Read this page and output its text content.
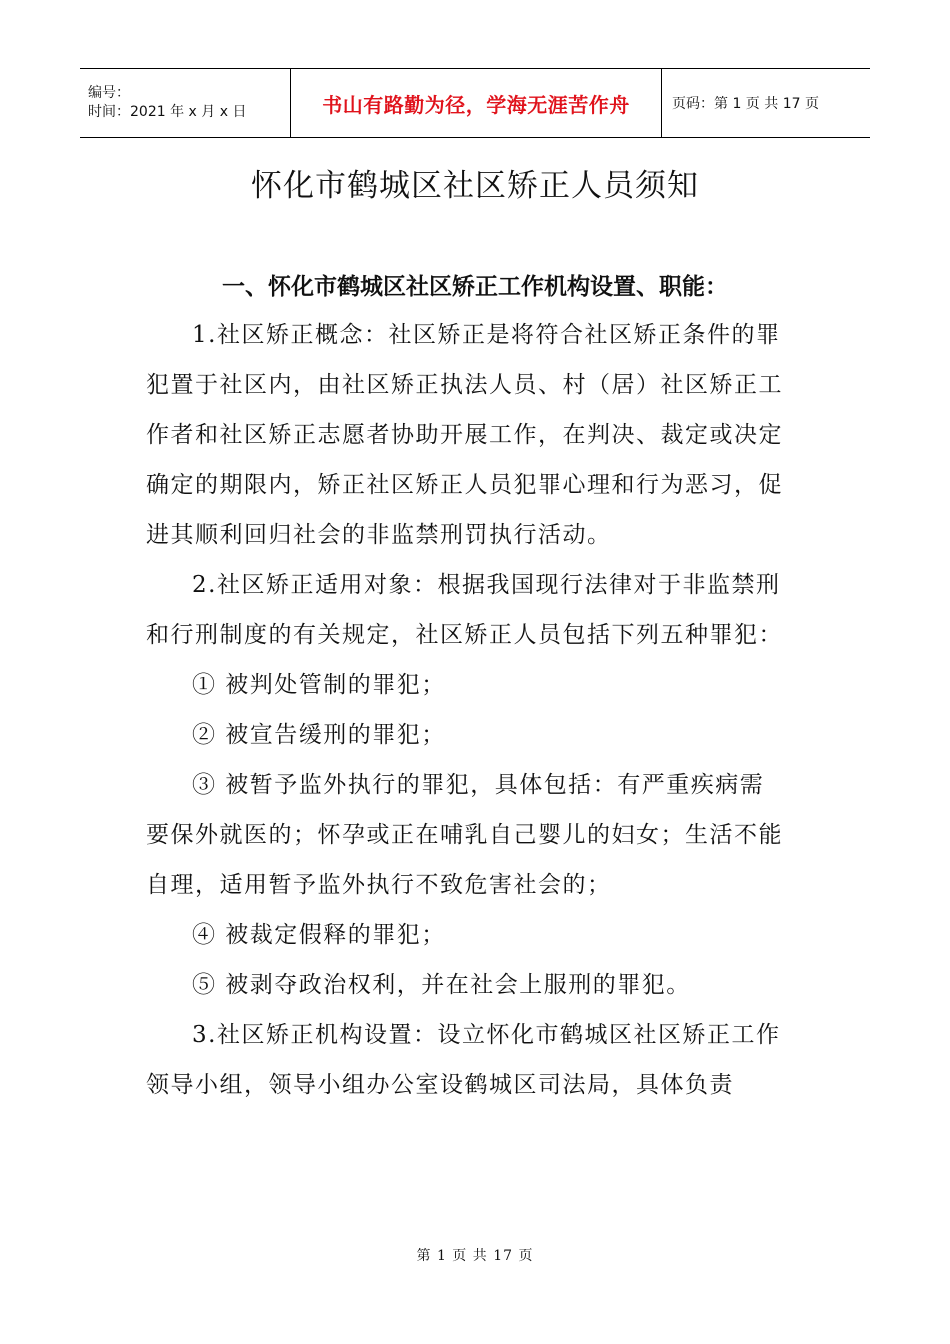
编号：
时间：2021 年 x 月 x 日	书山有路勤为径，学海无涯苦作舟	页码：第 1 页 共 17 页
怀化市鹤城区社区矫正人员须知
一、怀化市鹤城区社区矫正工作机构设置、职能：

1.社区矫正概念：社区矫正是将符合社区矫正条件的罪犯置于社区内，由社区矫正执法人员、村（居）社区矫正工作者和社区矫正志愿者协助开展工作，在判决、裁定或决定确定的期限内，矫正社区矫正人员犯罪心理和行为恶习，促进其顺利回归社会的非监禁刑罚执行活动。

2.社区矫正适用对象：根据我国现行法律对于非监禁刑和行刑制度的有关规定，社区矫正人员包括下列五种罪犯：

① 被判处管制的罪犯；

② 被宣告缓刑的罪犯；

③ 被暂予监外执行的罪犯，具体包括：有严重疾病需要保外就医的；怀孕或正在哺乳自己婴儿的妇女；生活不能自理，适用暂予监外执行不致危害社会的；

④ 被裁定假释的罪犯；

⑤ 被剥夺政治权利，并在社会上服刑的罪犯。

3.社区矫正机构设置：设立怀化市鹤城区社区矫正工作领导小组，领导小组办公室设鹤城区司法局，具体负责

第 1 页 共 17 页
